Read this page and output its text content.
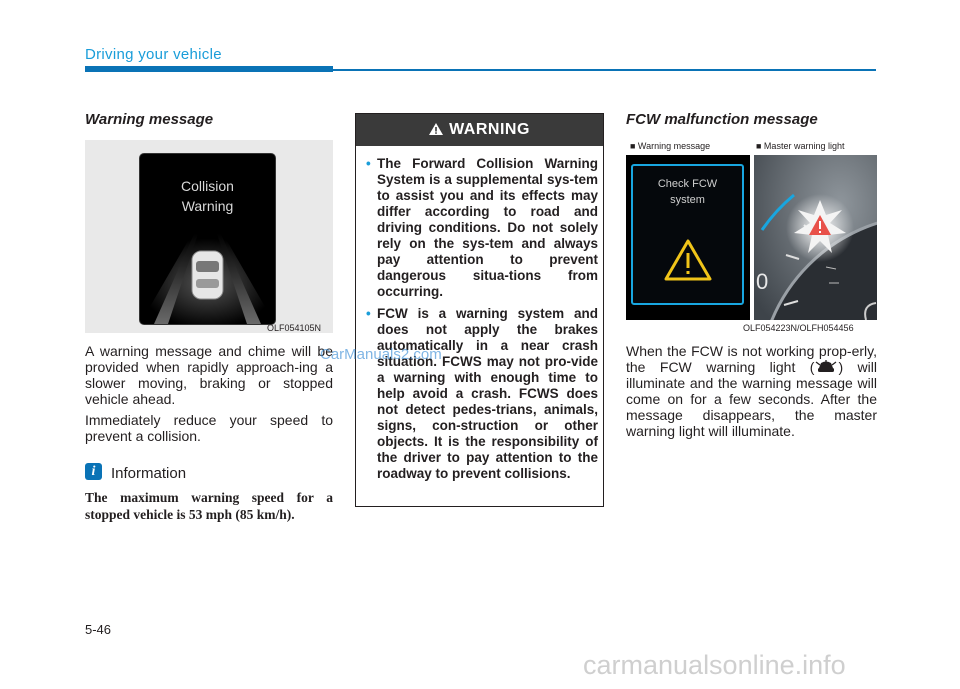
Driving your vehicle
Warning message
Collision
Warning
OLF054105N
A warning message and chime will be provided when rapidly approach-ing a slower moving, braking or stopped vehicle ahead.
Immediately reduce your speed to prevent a collision.
i	Information
The maximum warning speed for a stopped vehicle is 53 mph (85 km/h).
WARNING
• The Forward Collision Warning System is a supplemental sys-tem to assist you and its effects may differ according to road and driving conditions. Do not solely rely on the sys-tem and always pay attention to prevent dangerous situa-tions from occurring.
• FCW is a warning system and does not apply the brakes automatically in a near crash situation. FCWS may not pro-vide a warning with enough time to help avoid a crash. FCWS does not detect pedes-trians, animals, signs, con-struction or other objects. It is the responsibility of the driver to pay attention to the roadway to prevent collisions.
FCW malfunction message
■ Warning message	■ Master warning light
Check FCW
system
0
OLF054223N/OLFH054456
When the FCW is not working prop-erly, the FCW warning light ( ) will illuminate and the warning message will come on for a few seconds. After the message disappears, the master warning light will illuminate.
5-46
CarManuals2.com
carmanualsonline.info
